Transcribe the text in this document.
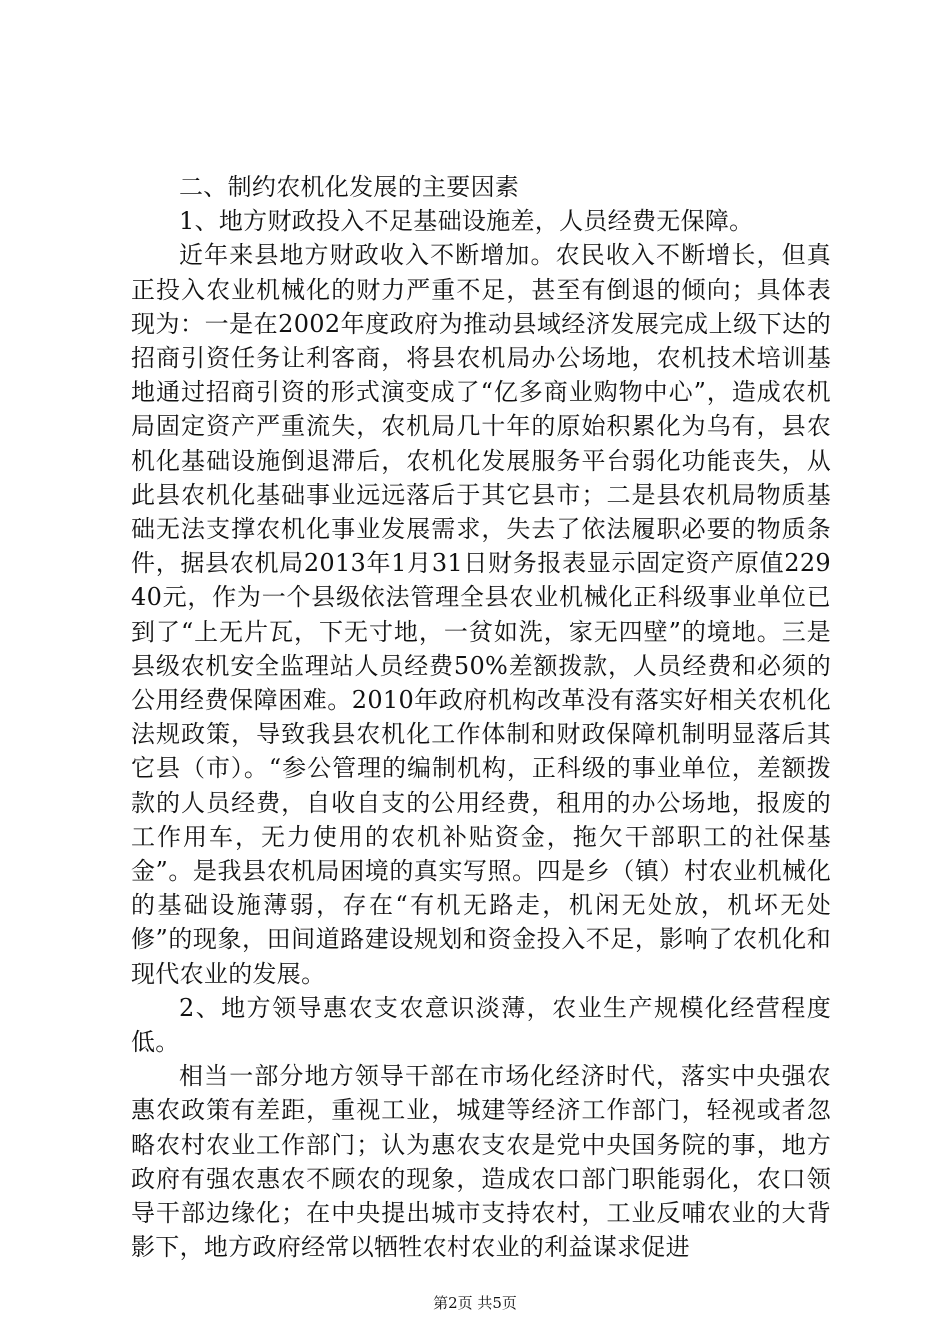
二、制约农机化发展的主要因素

1、地方财政投入不足基础设施差，人员经费无保障。

近年来县地方财政收入不断增加。农民收入不断增长，但真正投入农业机械化的财力严重不足，甚至有倒退的倾向；具体表现为：一是在2002年度政府为推动县域经济发展完成上级下达的招商引资任务让利客商，将县农机局办公场地，农机技术培训基地通过招商引资的形式演变成了“亿多商业购物中心”，造成农机局固定资产严重流失，农机局几十年的原始积累化为乌有，县农机化基础设施倒退滞后，农机化发展服务平台弱化功能丧失，从此县农机化基础事业远远落后于其它县市；二是县农机局物质基础无法支撑农机化事业发展需求，失去了依法履职必要的物质条件，据县农机局2013年1月31日财务报表显示固定资产原值22940元，作为一个县级依法管理全县农业机械化正科级事业单位已到了“上无片瓦，下无寸地，一贫如洗，家无四壁”的境地。三是县级农机安全监理站人员经费50%差额拨款，人员经费和必须的公用经费保障困难。2010年政府机构改革没有落实好相关农机化法规政策，导致我县农机化工作体制和财政保障机制明显落后其它县（市）。“参公管理的编制机构，正科级的事业单位，差额拨款的人员经费，自收自支的公用经费，租用的办公场地，报废的工作用车，无力使用的农机补贴资金，拖欠干部职工的社保基金”。是我县农机局困境的真实写照。四是乡（镇）村农业机械化的基础设施薄弱，存在“有机无路走，机闲无处放，机坏无处修”的现象，田间道路建设规划和资金投入不足，影响了农机化和现代农业的发展。

2、地方领导惠农支农意识淡薄，农业生产规模化经营程度低。

相当一部分地方领导干部在市场化经济时代，落实中央强农惠农政策有差距，重视工业，城建等经济工作部门，轻视或者忽略农村农业工作部门；认为惠农支农是党中央国务院的事，地方政府有强农惠农不顾农的现象，造成农口部门职能弱化，农口领导干部边缘化；在中央提出城市支持农村，工业反哺农业的大背影下，地方政府经常以牺牲农村农业的利益谋求促进

第2页 共5页
